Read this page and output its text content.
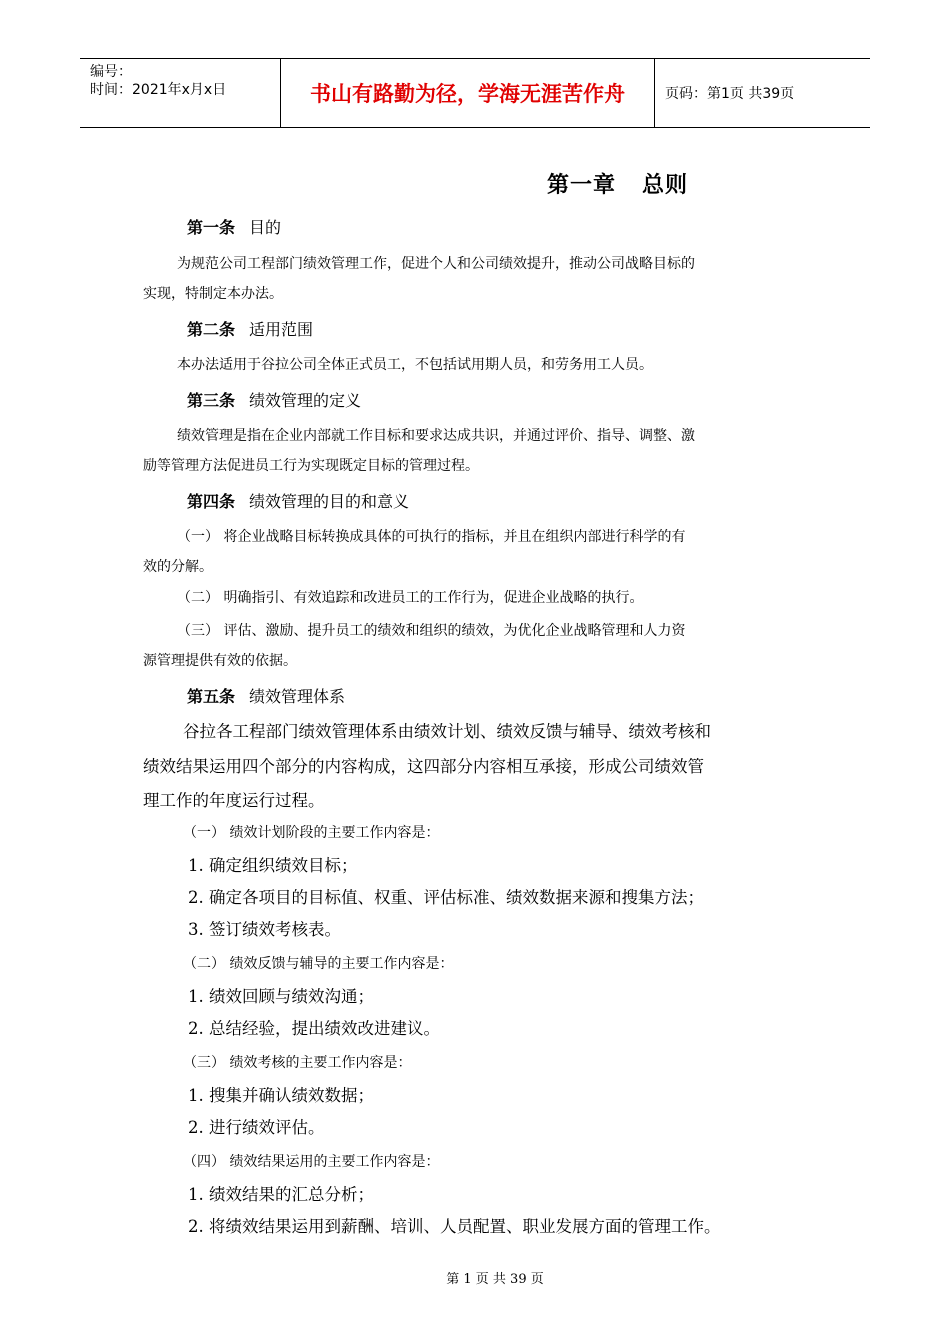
编号：
时间：2021年x月x日	书山有路勤为径，学海无涯苦作舟	页码：第1页 共39页
第一章 总则
第一条 目的
为规范公司工程部门绩效管理工作，促进个人和公司绩效提升，推动公司战略目标的
实现，特制定本办法。
第二条 适用范围
本办法适用于谷拉公司全体正式员工，不包括试用期人员，和劳务用工人员。
第三条 绩效管理的定义
绩效管理是指在企业内部就工作目标和要求达成共识，并通过评价、指导、调整、激
励等管理方法促进员工行为实现既定目标的管理过程。
第四条 绩效管理的目的和意义
（一） 将企业战略目标转换成具体的可执行的指标，并且在组织内部进行科学的有
效的分解。
（二） 明确指引、有效追踪和改进员工的工作行为，促进企业战略的执行。
（三） 评估、激励、提升员工的绩效和组织的绩效，为优化企业战略管理和人力资
源管理提供有效的依据。
第五条 绩效管理体系
谷拉各工程部门绩效管理体系由绩效计划、绩效反馈与辅导、绩效考核和
绩效结果运用四个部分的内容构成，这四部分内容相互承接，形成公司绩效管
理工作的年度运行过程。
（一） 绩效计划阶段的主要工作内容是：
1. 确定组织绩效目标；
2. 确定各项目的目标值、权重、评估标准、绩效数据来源和搜集方法；
3. 签订绩效考核表。
（二） 绩效反馈与辅导的主要工作内容是：
1. 绩效回顾与绩效沟通；
2. 总结经验，提出绩效改进建议。
（三） 绩效考核的主要工作内容是：
1. 搜集并确认绩效数据；
2. 进行绩效评估。
（四） 绩效结果运用的主要工作内容是：
1. 绩效结果的汇总分析；
2. 将绩效结果运用到薪酬、培训、人员配置、职业发展方面的管理工作。
第 1 页 共 39 页
